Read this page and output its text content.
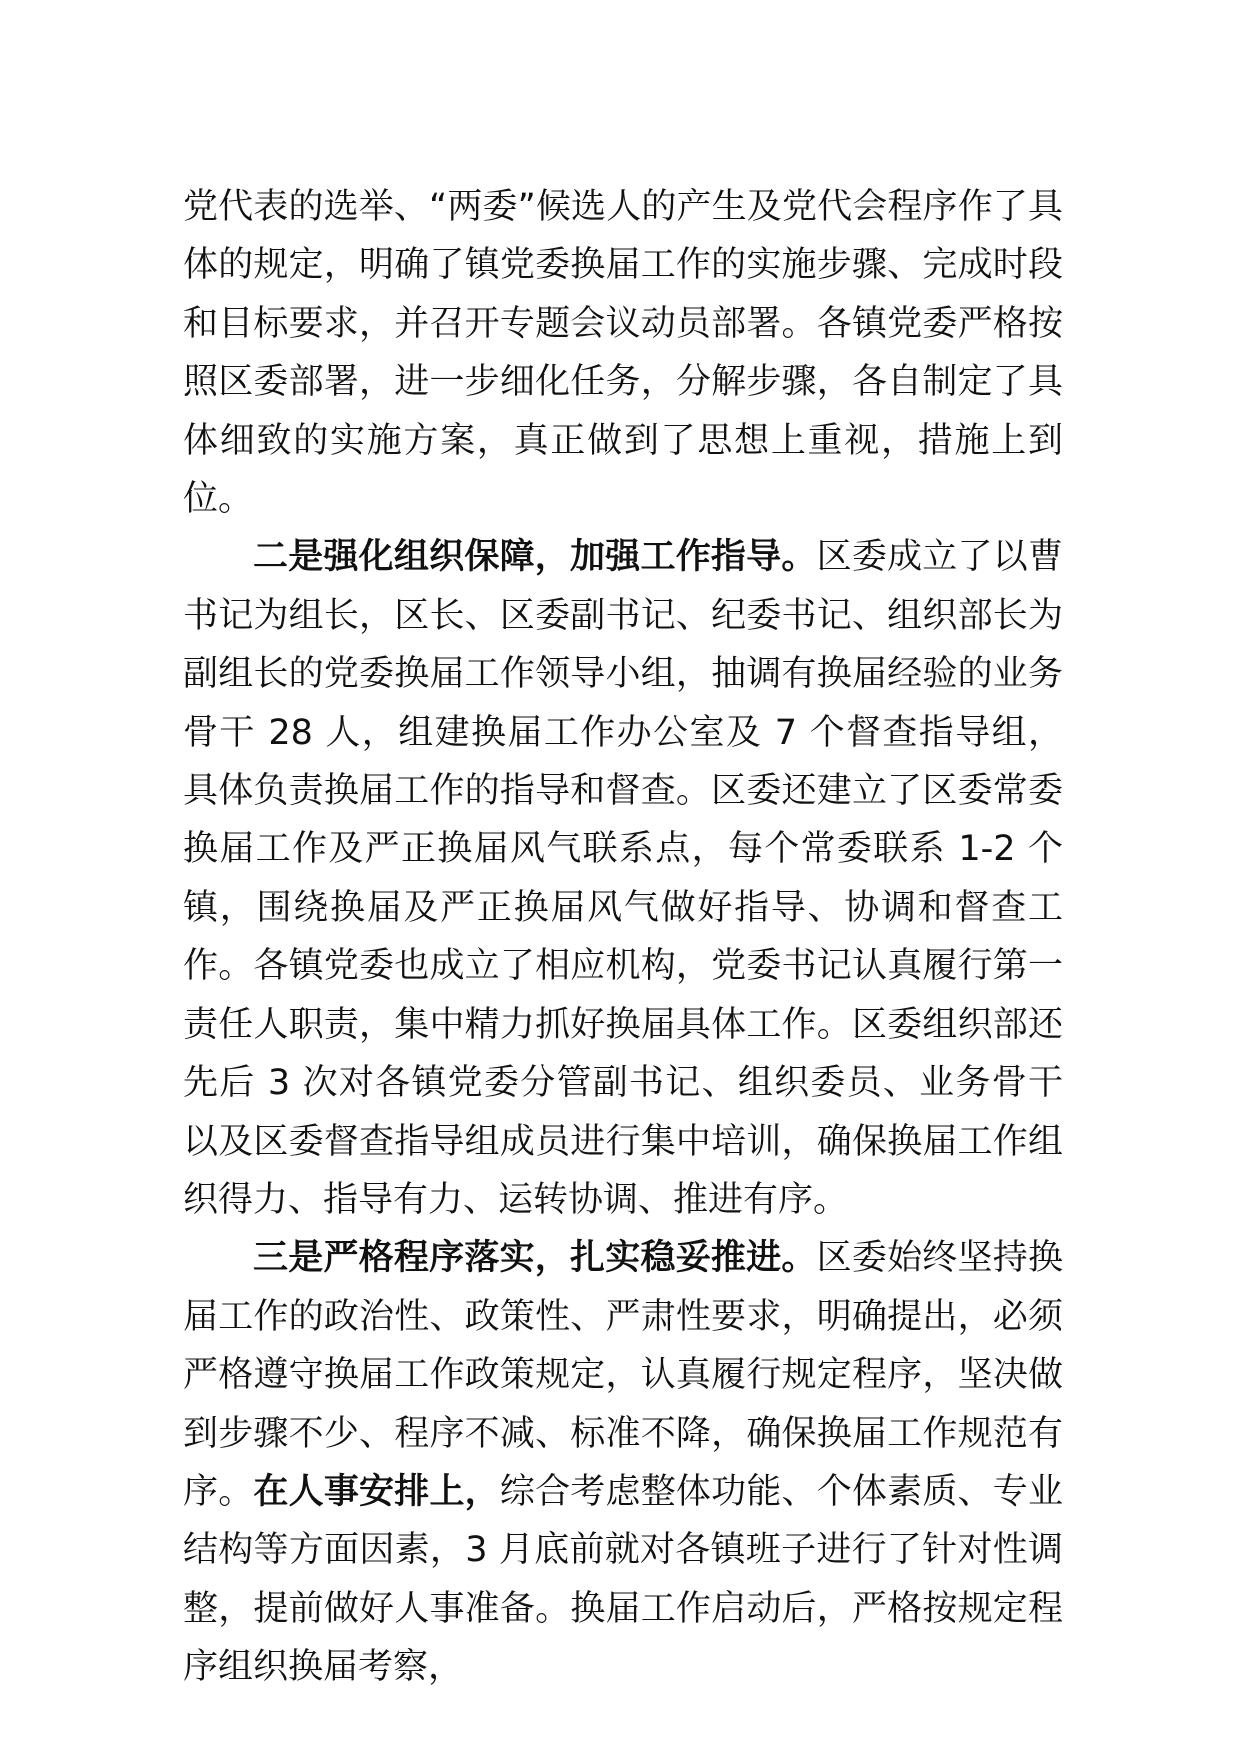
党代表的选举、“两委”候选人的产生及党代会程序作了具体的规定，明确了镇党委换届工作的实施步骤、完成时段和目标要求，并召开专题会议动员部署。各镇党委严格按照区委部署，进一步细化任务，分解步骤，各自制定了具体细致的实施方案，真正做到了思想上重视，措施上到位。

二是强化组织保障，加强工作指导。区委成立了以曹书记为组长，区长、区委副书记、纪委书记、组织部长为副组长的党委换届工作领导小组，抽调有换届经验的业务骨干 28 人，组建换届工作办公室及 7 个督查指导组，具体负责换届工作的指导和督查。区委还建立了区委常委换届工作及严正换届风气联系点，每个常委联系 1-2 个镇，围绕换届及严正换届风气做好指导、协调和督查工作。各镇党委也成立了相应机构，党委书记认真履行第一责任人职责，集中精力抓好换届具体工作。区委组织部还先后 3 次对各镇党委分管副书记、组织委员、业务骨干以及区委督查指导组成员进行集中培训，确保换届工作组织得力、指导有力、运转协调、推进有序。

三是严格程序落实，扎实稳妥推进。区委始终坚持换届工作的政治性、政策性、严肃性要求，明确提出，必须严格遵守换届工作政策规定，认真履行规定程序，坚决做到步骤不少、程序不减、标准不降，确保换届工作规范有序。在人事安排上，综合考虑整体功能、个体素质、专业结构等方面因素，3 月底前就对各镇班子进行了针对性调整，提前做好人事准备。换届工作启动后，严格按规定程序组织换届考察，
